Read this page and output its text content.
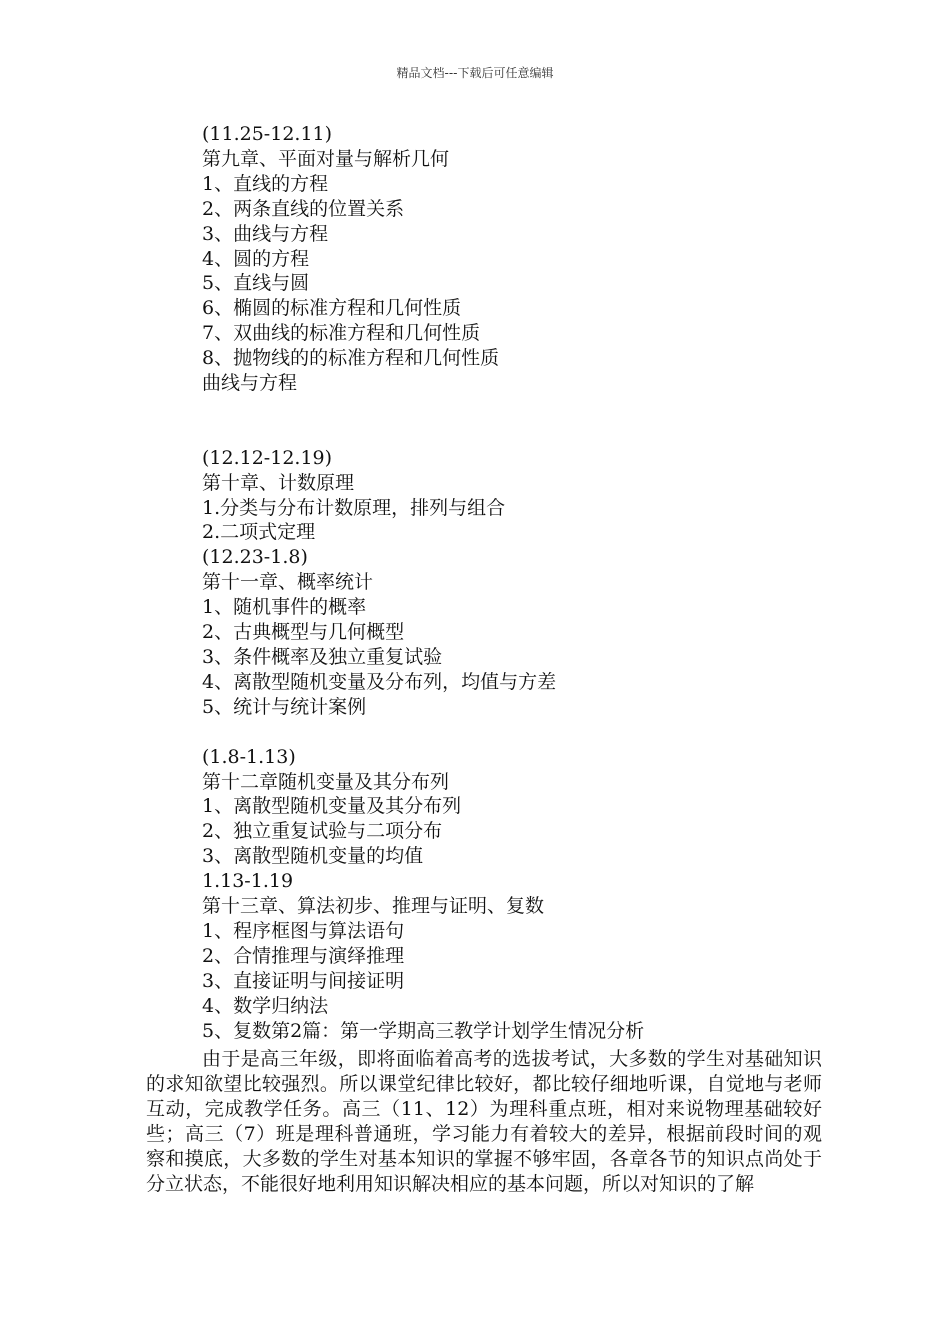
精品文档---下载后可任意编辑

(11.25-12.11)

第九章、平面对量与解析几何

1、直线的方程

2、两条直线的位置关系

3、曲线与方程

4、圆的方程

5、直线与圆

6、椭圆的标准方程和几何性质

7、双曲线的标准方程和几何性质

8、抛物线的的标准方程和几何性质

曲线与方程

(12.12-12.19)

第十章、计数原理

1.分类与分布计数原理，排列与组合

2.二项式定理

(12.23-1.8)

第十一章、概率统计

1、随机事件的概率

2、古典概型与几何概型

3、条件概率及独立重复试验

4、离散型随机变量及分布列，均值与方差

5、统计与统计案例

(1.8-1.13)

第十二章随机变量及其分布列

1、离散型随机变量及其分布列

2、独立重复试验与二项分布

3、离散型随机变量的均值

1.13-1.19

第十三章、算法初步、推理与证明、复数

1、程序框图与算法语句

2、合情推理与演绎推理

3、直接证明与间接证明

4、数学归纳法

5、复数第2篇：第一学期高三教学计划学生情况分析

由于是高三年级，即将面临着高考的选拔考试，大多数的学生对基础知识的求知欲望比较强烈。所以课堂纪律比较好，都比较仔细地听课，自觉地与老师互动，完成教学任务。高三（11、12）为理科重点班，相对来说物理基础较好些；高三（7）班是理科普通班，学习能力有着较大的差异，根据前段时间的观察和摸底，大多数的学生对基本知识的掌握不够牢固，各章各节的知识点尚处于分立状态，不能很好地利用知识解决相应的基本问题，所以对知识的了解
